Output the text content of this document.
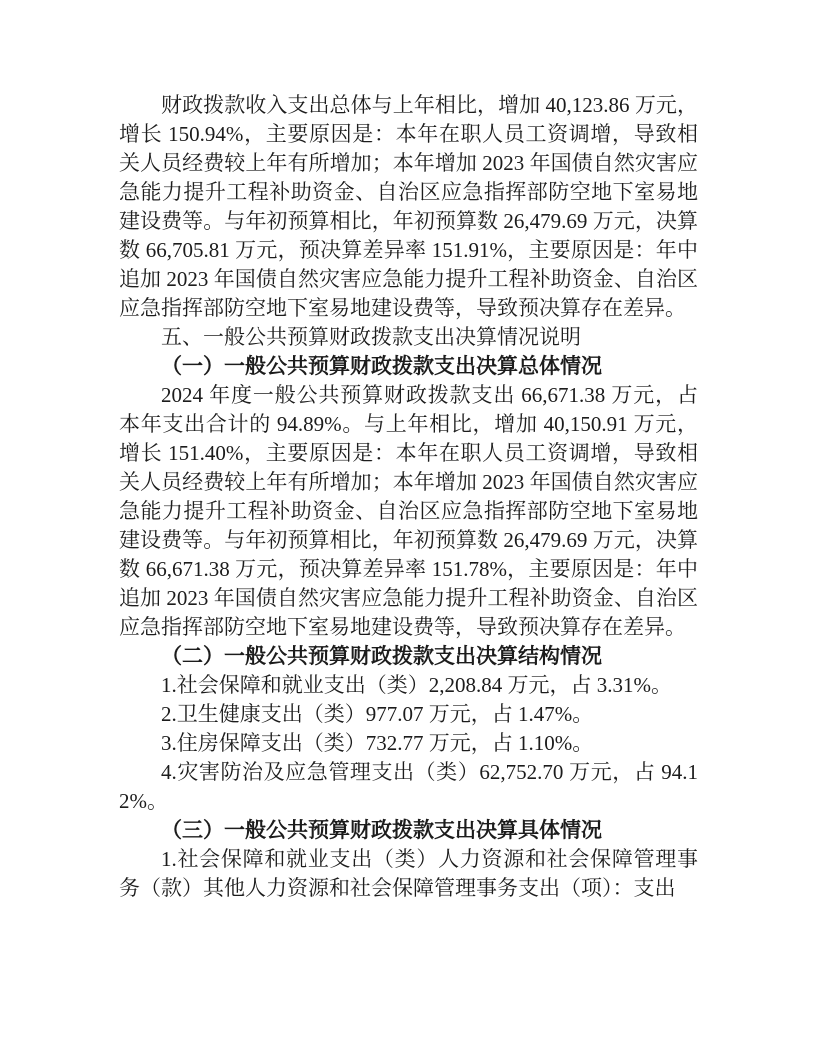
财政拨款收入支出总体与上年相比，增加 40,123.86 万元，增长 150.94%，主要原因是：本年在职人员工资调增，导致相关人员经费较上年有所增加；本年增加 2023 年国债自然灾害应急能力提升工程补助资金、自治区应急指挥部防空地下室易地建设费等。与年初预算相比，年初预算数 26,479.69 万元，决算数 66,705.81 万元，预决算差异率 151.91%，主要原因是：年中追加 2023 年国债自然灾害应急能力提升工程补助资金、自治区应急指挥部防空地下室易地建设费等，导致预决算存在差异。

五、一般公共预算财政拨款支出决算情况说明

（一）一般公共预算财政拨款支出决算总体情况

2024 年度一般公共预算财政拨款支出 66,671.38 万元，占本年支出合计的 94.89%。与上年相比，增加 40,150.91 万元，增长 151.40%，主要原因是：本年在职人员工资调增，导致相关人员经费较上年有所增加；本年增加 2023 年国债自然灾害应急能力提升工程补助资金、自治区应急指挥部防空地下室易地建设费等。与年初预算相比，年初预算数 26,479.69 万元，决算数 66,671.38 万元，预决算差异率 151.78%，主要原因是：年中追加 2023 年国债自然灾害应急能力提升工程补助资金、自治区应急指挥部防空地下室易地建设费等，导致预决算存在差异。

（二）一般公共预算财政拨款支出决算结构情况

1.社会保障和就业支出（类）2,208.84 万元，占 3.31%。

2.卫生健康支出（类）977.07 万元，占 1.47%。

3.住房保障支出（类）732.77 万元，占 1.10%。

4.灾害防治及应急管理支出（类）62,752.70 万元，占 94.12%。

（三）一般公共预算财政拨款支出决算具体情况

1.社会保障和就业支出（类）人力资源和社会保障管理事务（款）其他人力资源和社会保障管理事务支出（项）：支出
